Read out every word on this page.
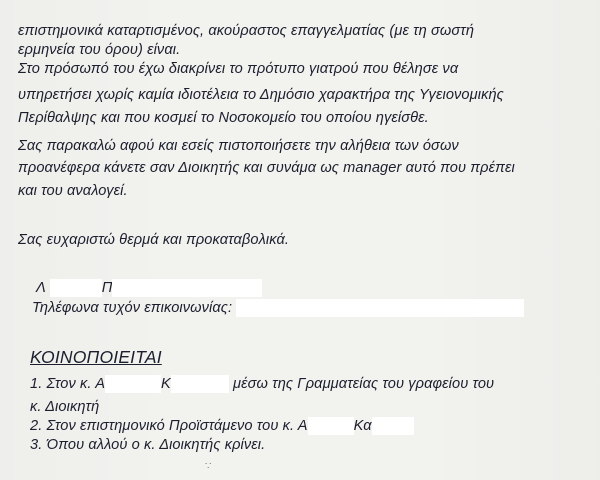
επιστημονικά καταρτισμένος, ακούραστος επαγγελματίας (με τη σωστή
ερμηνεία του όρου) είναι.
Στο πρόσωπό του έχω διακρίνει το πρότυπο γιατρού που θέλησε να
υπηρετήσει χωρίς καμία ιδιοτέλεια το Δημόσιο χαρακτήρα της Υγειονομικής
Περίθαλψης και που κοσμεί το Νοσοκομείο του οποίου ηγείσθε.
Σας παρακαλώ αφού και εσείς πιστοποιήσετε την αλήθεια των όσων
προανέφερα κάνετε σαν Διοικητής και συνάμα ως manager αυτό που πρέπει
και του αναλογεί.
Σας ευχαριστώ θερμά και προκαταβολικά.
Λ	Π
Τηλέφωνα τυχόν επικοινωνίας:
ΚΟΙΝΟΠΟΙΕΙΤΑΙ
1. Στον κ. Α	Κ	μέσω της Γραμματείας του γραφείου του
κ. Διοικητή
2. Στον επιστημονικό Προϊστάμενο του κ. Α	Κα
3. Όπου αλλού ο κ. Διοικητής κρίνει.
∵
